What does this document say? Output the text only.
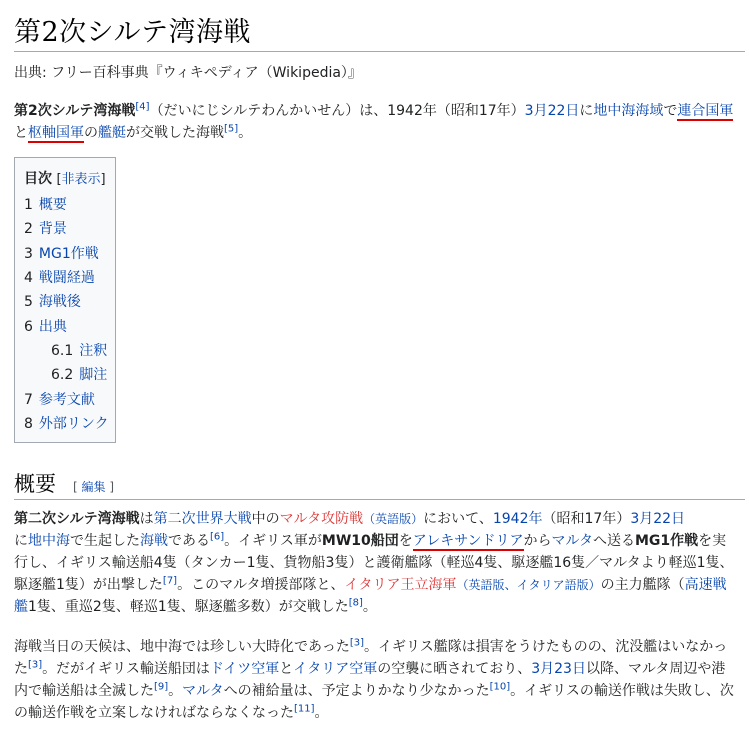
第2次シルテ湾海戦
出典: フリー百科事典『ウィキペディア（Wikipedia）』

第2次シルテ湾海戦[4]（だいにじシルテわんかいせん）は、1942年（昭和17年）3月22日に地中海海域で連合国軍と枢軸国軍の艦艇が交戦した海戦[5]。

目次 [非表示]
1 概要
2 背景
3 MG1作戦
4 戦闘経過
5 海戦後
6 出典
6.1 注釈
6.2 脚注
7 参考文献
8 外部リンク
概要 [ 編集 ]

第二次シルテ湾海戦は第二次世界大戦中のマルタ攻防戦（英語版）において、1942年（昭和17年）3月22日
に地中海で生起した海戦である[6]。イギリス軍がMW10船団をアレキサンドリアからマルタへ送るMG1作戦を実行し、イギリス輸送船4隻（タンカー1隻、貨物船3隻）と護衛艦隊（軽巡4隻、駆逐艦16隻／マルタより軽巡1隻、駆逐艦1隻）が出撃した[7]。このマルタ増援部隊と、イタリア王立海軍（英語版、イタリア語版）の主力艦隊（高速戦艦1隻、重巡2隻、軽巡1隻、駆逐艦多数）が交戦した[8]。

海戦当日の天候は、地中海では珍しい大時化であった[3]。イギリス艦隊は損害をうけたものの、沈没艦はいなかった[3]。だがイギリス輸送船団はドイツ空軍とイタリア空軍の空襲に晒されており、3月23日以降、マルタ周辺や港内で輸送船は全滅した[9]。マルタへの補給量は、予定よりかなり少なかった[10]。イギリスの輸送作戦は失敗し、次の輸送作戦を立案しなければならなくなった[11]。
